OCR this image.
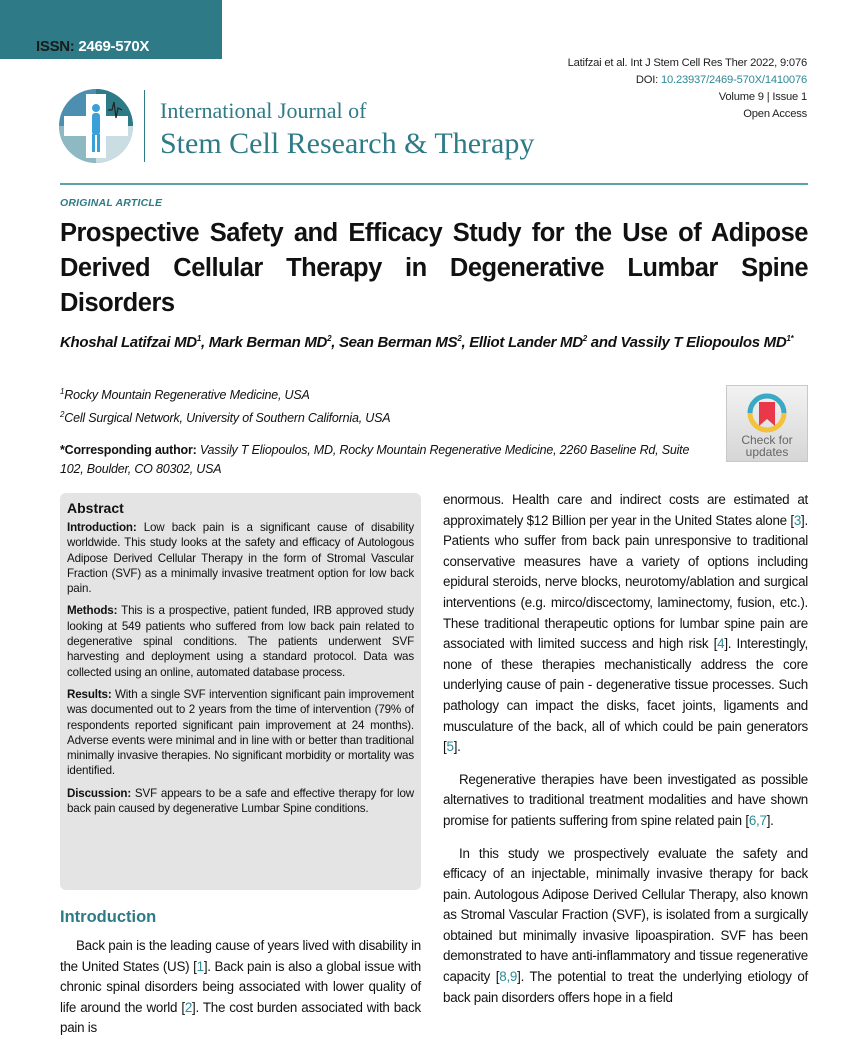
ISSN: 2469-570X
Latifzai et al. Int J Stem Cell Res Ther 2022, 9:076
DOI: 10.23937/2469-570X/1410076
Volume 9 | Issue 1
Open Access
International Journal of
Stem Cell Research & Therapy
ORIGINAL ARTICLE
Prospective Safety and Efficacy Study for the Use of Adipose Derived Cellular Therapy in Degenerative Lumbar Spine Disorders
Khoshal Latifzai $MD^1$, Mark Berman $MD^2$, Sean Berman $MS^2$, Elliot Lander $MD^2$ and Vassily T Eliopoulos $MD^{1*}$
$^1$Rocky Mountain Regenerative Medicine, USA
$^2$Cell Surgical Network, University of Southern California, USA
*Corresponding author: Vassily T Eliopoulos, MD, Rocky Mountain Regenerative Medicine, 2260 Baseline Rd, Suite 102, Boulder, CO 80302, USA
Check for updates
Abstract

Introduction: Low back pain is a significant cause of disability worldwide. This study looks at the safety and efficacy of Autologous Adipose Derived Cellular Therapy in the form of Stromal Vascular Fraction (SVF) as a minimally invasive treatment option for low back pain.

Methods: This is a prospective, patient funded, IRB approved study looking at 549 patients who suffered from low back pain related to degenerative spinal conditions. The patients underwent SVF harvesting and deployment using a standard protocol. Data was collected using an online, automated database process.

Results: With a single SVF intervention significant pain improvement was documented out to 2 years from the time of intervention (79% of respondents reported significant pain improvement at 24 months). Adverse events were minimal and in line with or better than traditional minimally invasive therapies. No significant morbidity or mortality was identified.

Discussion: SVF appears to be a safe and effective therapy for low back pain caused by degenerative Lumbar Spine conditions.

Introduction

Back pain is the leading cause of years lived with disability in the United States (US) [1]. Back pain is also a global issue with chronic spinal disorders being associated with lower quality of life around the world [2]. The cost burden associated with back pain is

enormous. Health care and indirect costs are estimated at approximately $12 Billion per year in the United States alone [3]. Patients who suffer from back pain unresponsive to traditional conservative measures have a variety of options including epidural steroids, nerve blocks, neurotomy/ablation and surgical interventions (e.g. mirco/discectomy, laminectomy, fusion, etc.). These traditional therapeutic options for lumbar spine pain are associated with limited success and high risk [4]. Interestingly, none of these therapies mechanistically address the core underlying cause of pain - degenerative tissue processes. Such pathology can impact the disks, facet joints, ligaments and musculature of the back, all of which could be pain generators [5].

Regenerative therapies have been investigated as possible alternatives to traditional treatment modalities and have shown promise for patients suffering from spine related pain [6,7].

In this study we prospectively evaluate the safety and efficacy of an injectable, minimally invasive therapy for back pain. Autologous Adipose Derived Cellular Therapy, also known as Stromal Vascular Fraction (SVF), is isolated from a surgically obtained but minimally invasive lipoaspiration. SVF has been demonstrated to have anti-inflammatory and tissue regenerative capacity [8,9]. The potential to treat the underlying etiology of back pain disorders offers hope in a field
